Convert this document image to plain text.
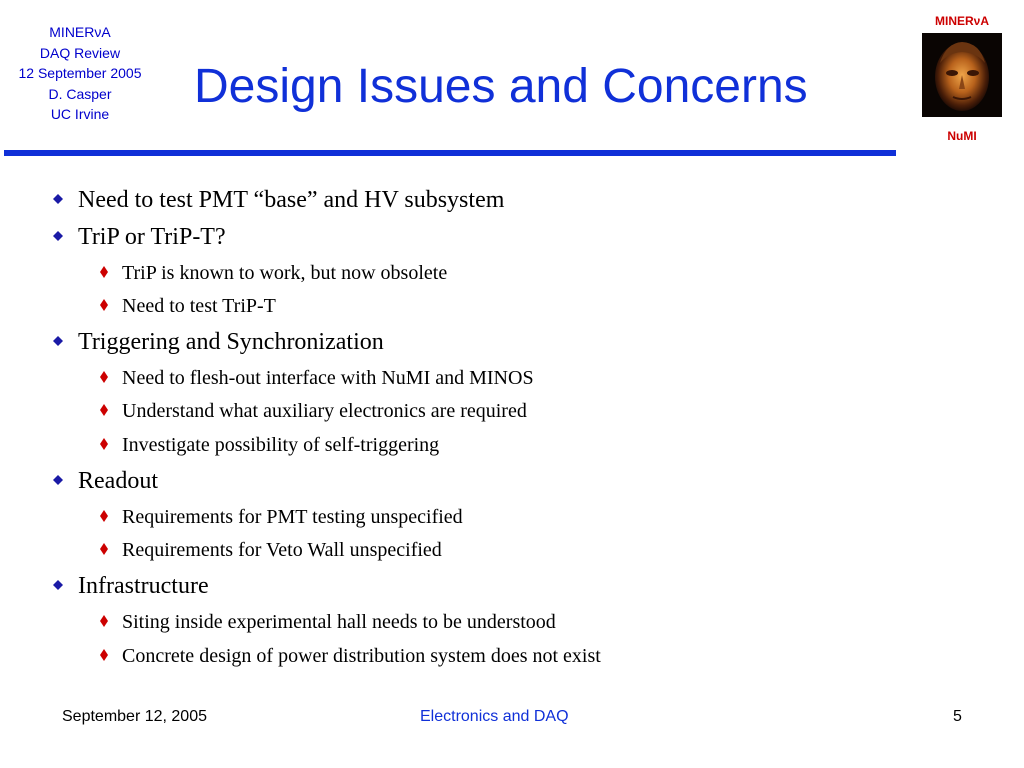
MINERνA
DAQ Review
12 September 2005
D. Casper
UC Irvine
Design Issues and Concerns
MINERνA
NuMI
Need to test PMT “base” and HV subsystem
TriP or TriP-T?
TriP is known to work, but now obsolete
Need to test TriP-T
Triggering and Synchronization
Need to flesh-out interface with NuMI and MINOS
Understand what auxiliary electronics are required
Investigate possibility of self-triggering
Readout
Requirements for PMT testing unspecified
Requirements for Veto Wall unspecified
Infrastructure
Siting inside experimental hall needs to be understood
Concrete design of power distribution system does not exist
September 12, 2005	Electronics and DAQ	5
